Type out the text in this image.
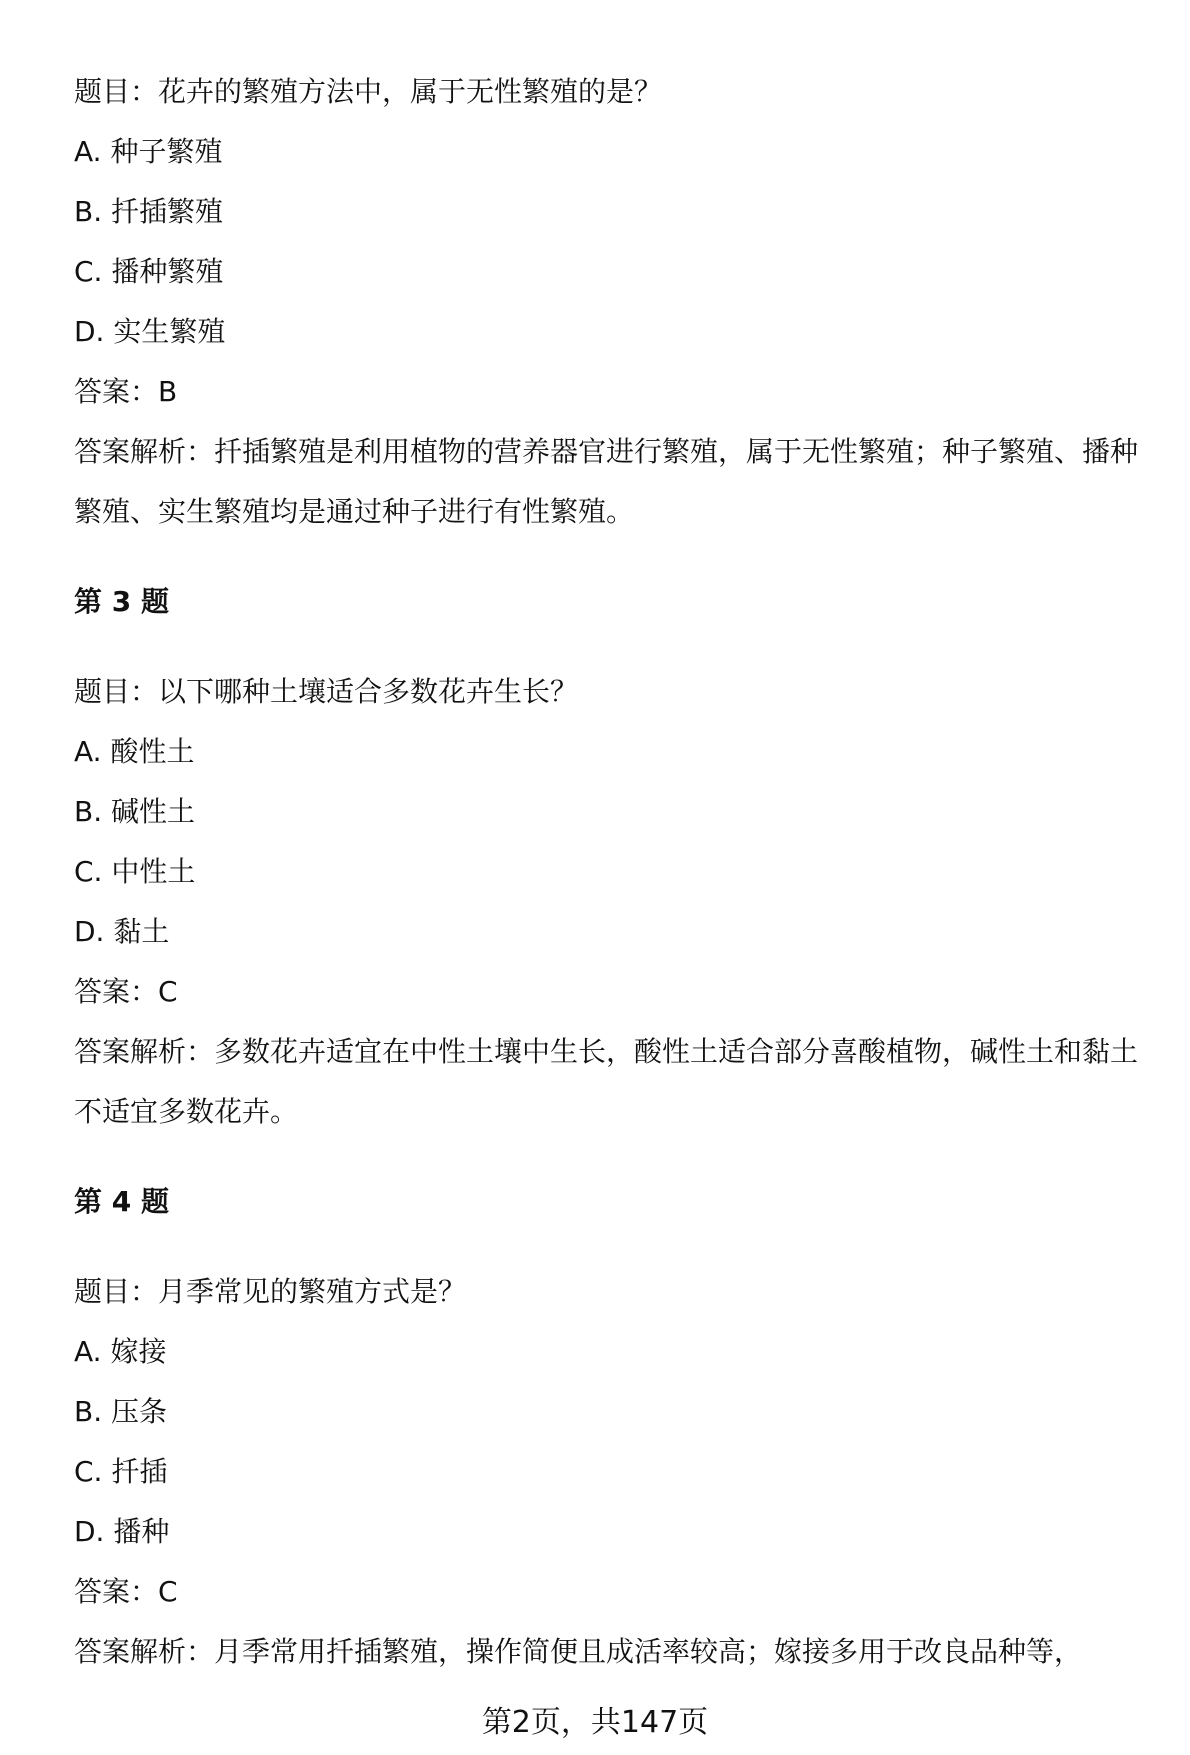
题目：花卉的繁殖方法中，属于无性繁殖的是？
A. 种子繁殖
B. 扦插繁殖
C. 播种繁殖
D. 实生繁殖
答案：B
答案解析：扦插繁殖是利用植物的营养器官进行繁殖，属于无性繁殖；种子繁殖、播种繁殖、实生繁殖均是通过种子进行有性繁殖。
第 3 题
题目：以下哪种土壤适合多数花卉生长？
A. 酸性土
B. 碱性土
C. 中性土
D. 黏土
答案：C
答案解析：多数花卉适宜在中性土壤中生长，酸性土适合部分喜酸植物，碱性土和黏土不适宜多数花卉。
第 4 题
题目：月季常见的繁殖方式是？
A. 嫁接
B. 压条
C. 扦插
D. 播种
答案：C
答案解析：月季常用扦插繁殖，操作简便且成活率较高；嫁接多用于改良品种等，
第2页，共147页
